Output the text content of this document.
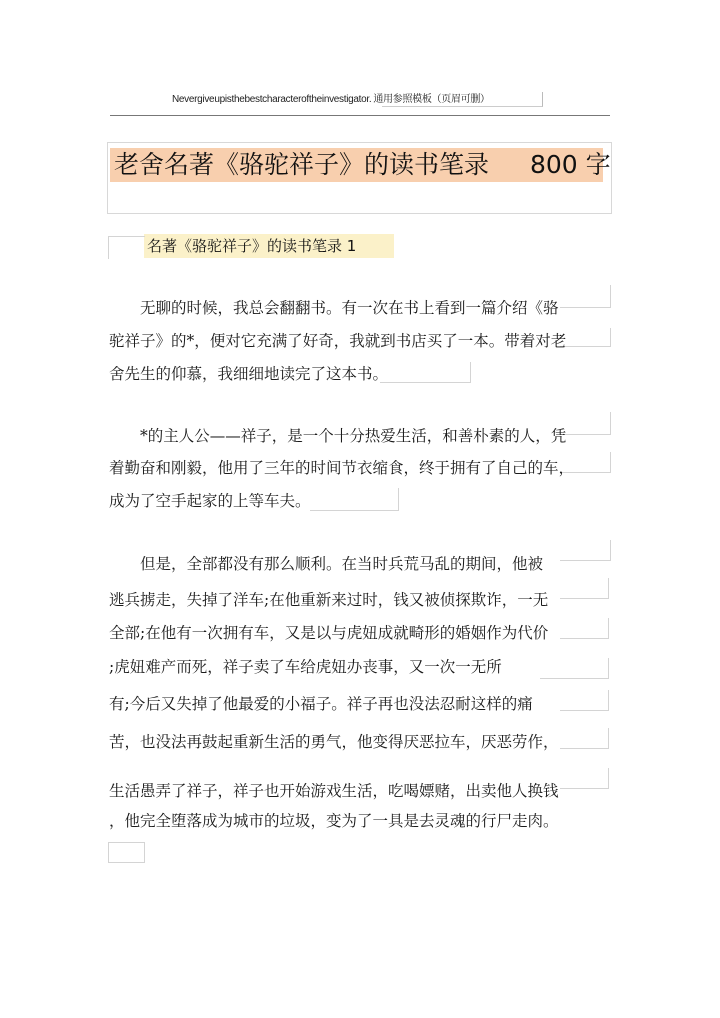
Nevergiveupisthebestcharacteroftheinvestigator. 通用参照模板（页眉可删）
老舍名著《骆驼祥子》的读书笔录 800 字
名著《骆驼祥子》的读书笔录 1
　　无聊的时候，我总会翻翻书。有一次在书上看到一篇介绍《骆
驼祥子》的*，便对它充满了好奇，我就到书店买了一本。带着对老
舍先生的仰慕，我细细地读完了这本书。
　　*的主人公——祥子，是一个十分热爱生活，和善朴素的人，凭
着勤奋和刚毅，他用了三年的时间节衣缩食，终于拥有了自己的车，
成为了空手起家的上等车夫。
　　但是，全部都没有那么顺利。在当时兵荒马乱的期间，他被
逃兵掳走，失掉了洋车;在他重新来过时，钱又被侦探欺诈，一无
全部;在他有一次拥有车，又是以与虎妞成就畸形的婚姻作为代价
;虎妞难产而死，祥子卖了车给虎妞办丧事，又一次一无所
有;今后又失掉了他最爱的小福子。祥子再也没法忍耐这样的痛
苦，也没法再鼓起重新生活的勇气，他变得厌恶拉车，厌恶劳作，
生活愚弄了祥子，祥子也开始游戏生活，吃喝嫖赌，出卖他人换钱
，他完全堕落成为城市的垃圾，变为了一具是去灵魂的行尸走肉。
